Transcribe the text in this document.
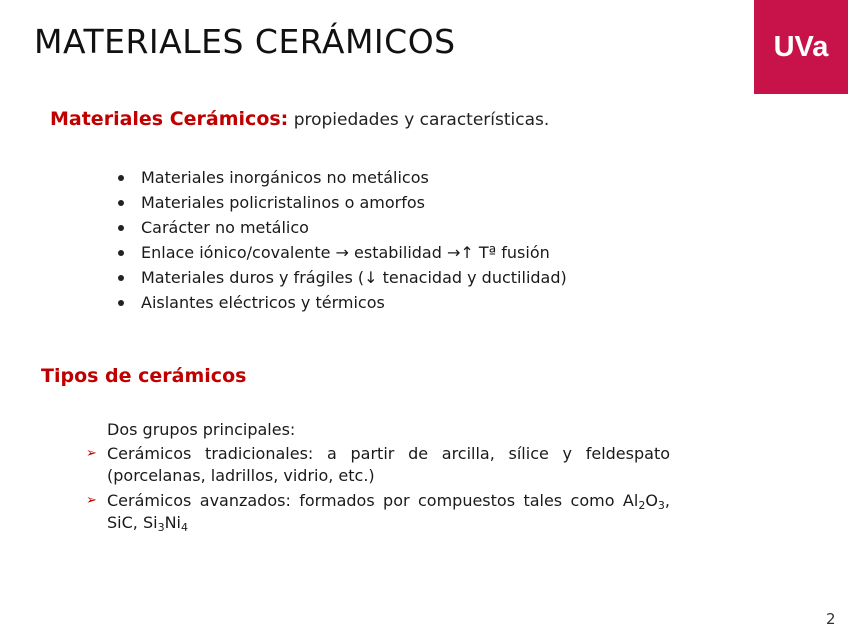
MATERIALES CERÁMICOS	UVa
Materiales Cerámicos: propiedades y características.
Materiales inorgánicos no metálicos
Materiales policristalinos o amorfos
Carácter no metálico
Enlace iónico/covalente → estabilidad →↑ Tª fusión
Materiales duros y frágiles (↓ tenacidad y ductilidad)
Aislantes eléctricos y térmicos
Tipos de cerámicos
Dos grupos principales:
➢ Cerámicos tradicionales: a partir de arcilla, sílice y feldespato (porcelanas, ladrillos, vidrio, etc.)
➢ Cerámicos avanzados: formados por compuestos tales como $Al_2O_3$, SiC, $Si_3Ni_4$
2
